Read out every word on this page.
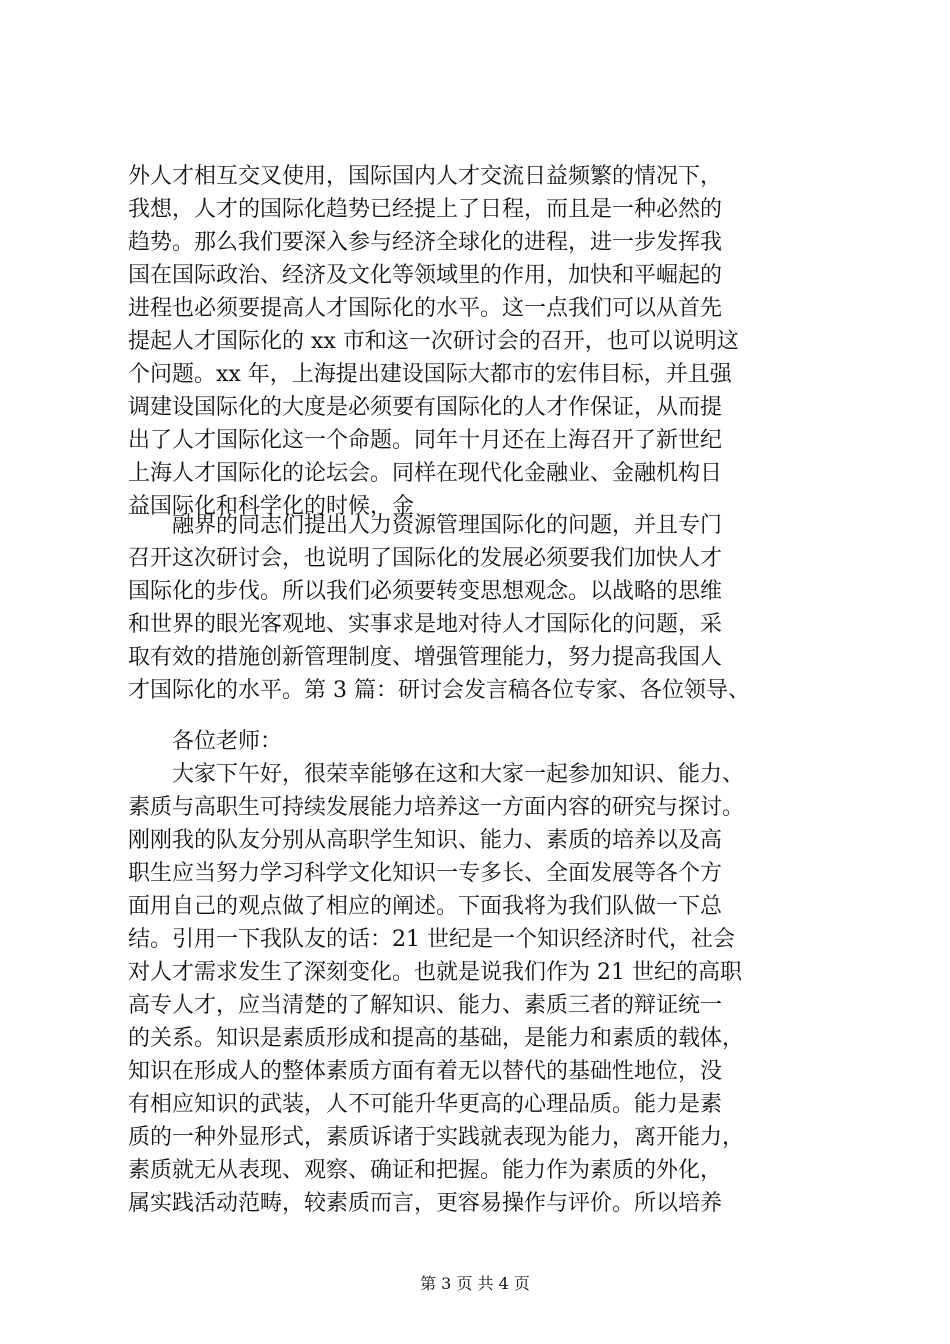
外人才相互交叉使用，国际国内人才交流日益频繁的情况下，
我想，人才的国际化趋势已经提上了日程，而且是一种必然的
趋势。那么我们要深入参与经济全球化的进程，进一步发挥我
国在国际政治、经济及文化等领域里的作用，加快和平崛起的
进程也必须要提高人才国际化的水平。这一点我们可以从首先
提起人才国际化的 xx 市和这一次研讨会的召开，也可以说明这
个问题。xx 年，上海提出建设国际大都市的宏伟目标，并且强
调建设国际化的大度是必须要有国际化的人才作保证，从而提
出了人才国际化这一个命题。同年十月还在上海召开了新世纪
上海人才国际化的论坛会。同样在现代化金融业、金融机构日
益国际化和科学化的时候，金
　　融界的同志们提出人力资源管理国际化的问题，并且专门
召开这次研讨会，也说明了国际化的发展必须要我们加快人才
国际化的步伐。所以我们必须要转变思想观念。以战略的思维
和世界的眼光客观地、实事求是地对待人才国际化的问题，采
取有效的措施创新管理制度、增强管理能力，努力提高我国人
才国际化的水平。第 3 篇：研讨会发言稿各位专家、各位领导、
　　各位老师：
　　大家下午好，很荣幸能够在这和大家一起参加知识、能力、
素质与高职生可持续发展能力培养这一方面内容的研究与探讨。
刚刚我的队友分别从高职学生知识、能力、素质的培养以及高
职生应当努力学习科学文化知识一专多长、全面发展等各个方
面用自己的观点做了相应的阐述。下面我将为我们队做一下总
结。引用一下我队友的话：21 世纪是一个知识经济时代，社会
对人才需求发生了深刻变化。也就是说我们作为 21 世纪的高职
高专人才，应当清楚的了解知识、能力、素质三者的辩证统一
的关系。知识是素质形成和提高的基础，是能力和素质的载体，
知识在形成人的整体素质方面有着无以替代的基础性地位，没
有相应知识的武装，人不可能升华更高的心理品质。能力是素
质的一种外显形式，素质诉诸于实践就表现为能力，离开能力，
素质就无从表现、观察、确证和把握。能力作为素质的外化，
属实践活动范畴，较素质而言，更容易操作与评价。所以培养
第 3 页 共 4 页
